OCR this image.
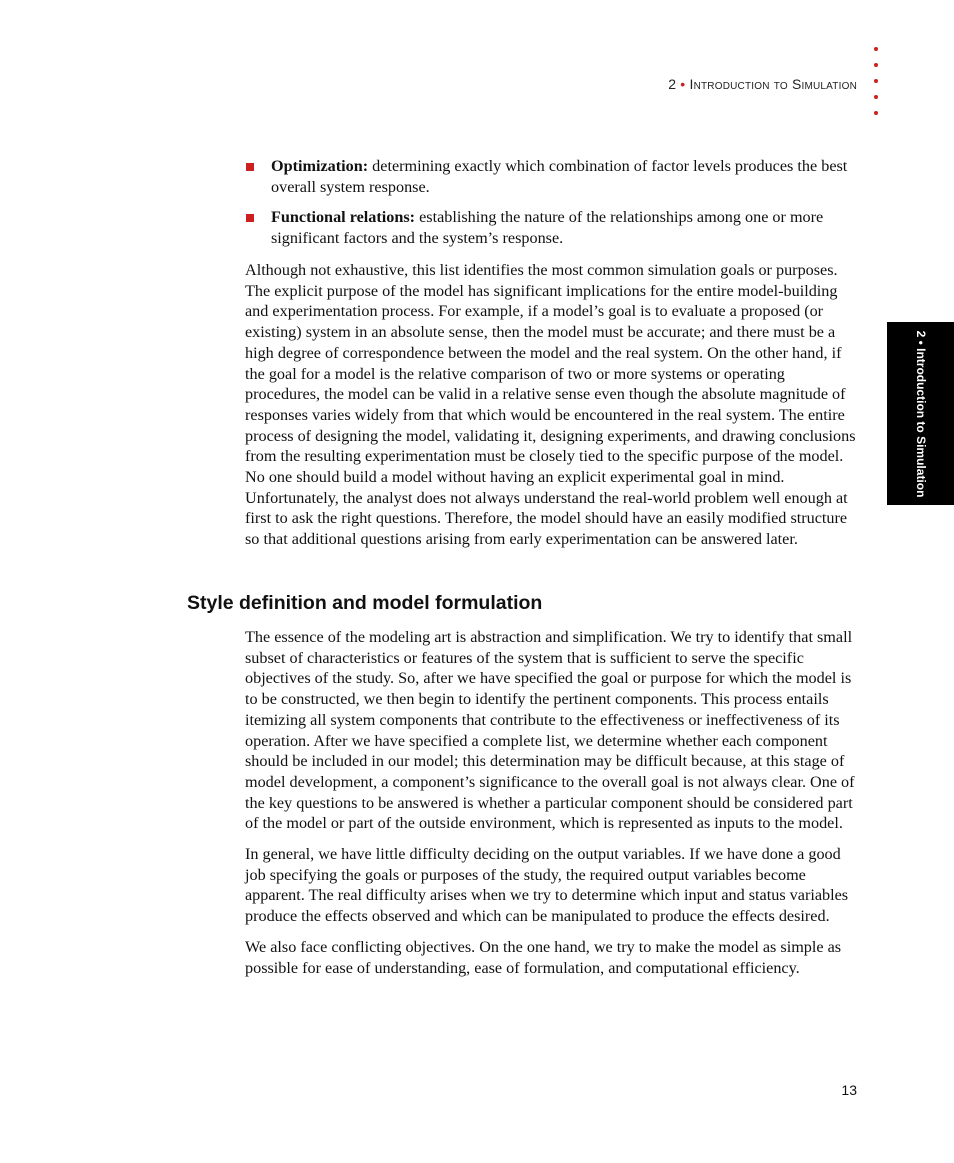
2 • Introduction to Simulation
2 • Introduction to Simulation
Optimization: determining exactly which combination of factor levels produces the best overall system response.
Functional relations: establishing the nature of the relationships among one or more significant factors and the system’s response.

Although not exhaustive, this list identifies the most common simulation goals or purposes. The explicit purpose of the model has significant implications for the entire model-building and experimentation process. For example, if a model’s goal is to evaluate a proposed (or existing) system in an absolute sense, then the model must be accurate; and there must be a high degree of correspondence between the model and the real system. On the other hand, if the goal for a model is the relative comparison of two or more systems or operating procedures, the model can be valid in a relative sense even though the absolute magnitude of responses varies widely from that which would be encountered in the real system. The entire process of designing the model, validating it, designing experiments, and drawing conclusions from the resulting experimentation must be closely tied to the specific purpose of the model. No one should build a model without having an explicit experimental goal in mind. Unfortunately, the analyst does not always understand the real-world problem well enough at first to ask the right questions. Therefore, the model should have an easily modified structure so that additional questions arising from early experimentation can be answered later.

Style definition and model formulation

The essence of the modeling art is abstraction and simplification. We try to identify that small subset of characteristics or features of the system that is sufficient to serve the specific objectives of the study. So, after we have specified the goal or purpose for which the model is to be constructed, we then begin to identify the pertinent components. This process entails itemizing all system components that contribute to the effectiveness or ineffectiveness of its operation. After we have specified a complete list, we determine whether each component should be included in our model; this determination may be difficult because, at this stage of model development, a component’s significance to the overall goal is not always clear. One of the key questions to be answered is whether a particular component should be considered part of the model or part of the outside environment, which is represented as inputs to the model.

In general, we have little difficulty deciding on the output variables. If we have done a good job specifying the goals or purposes of the study, the required output variables become apparent. The real difficulty arises when we try to determine which input and status variables produce the effects observed and which can be manipulated to produce the effects desired.

We also face conflicting objectives. On the one hand, we try to make the model as simple as possible for ease of understanding, ease of formulation, and computational efficiency.

13
